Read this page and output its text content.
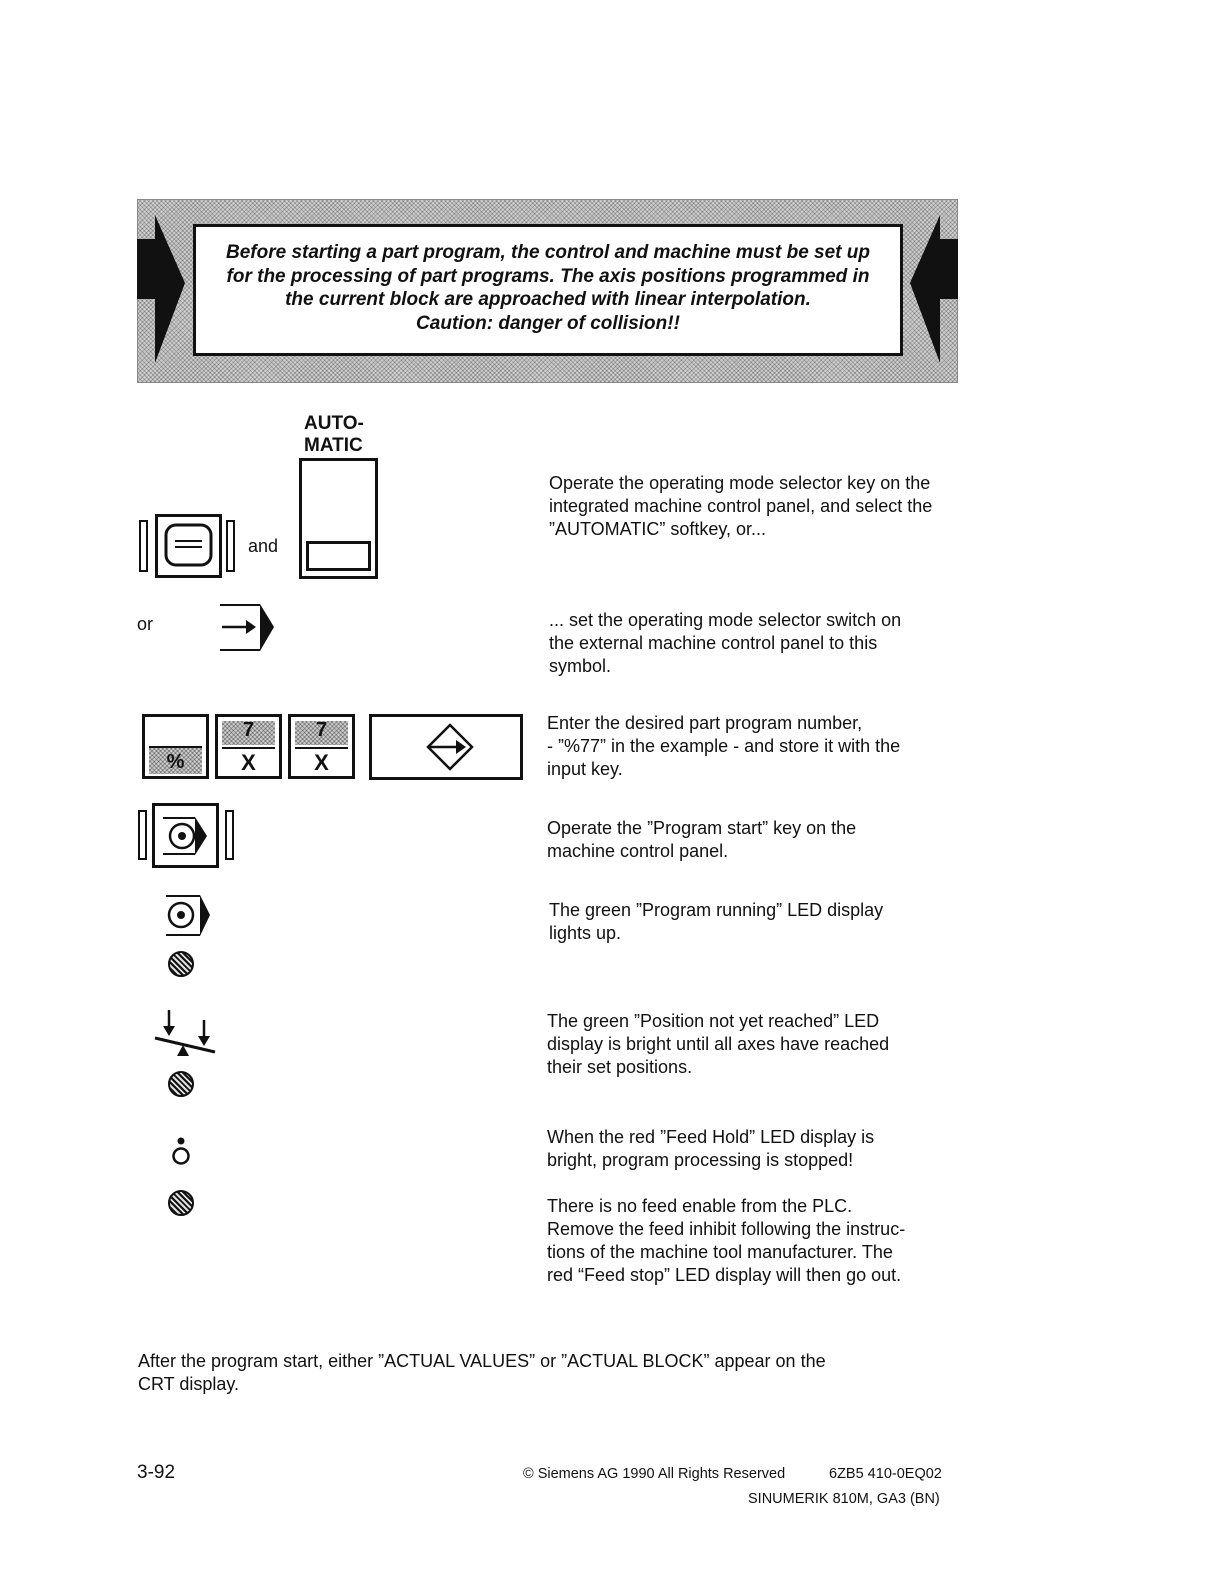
Before starting a part program, the control and machine must be set up
for the processing of part programs. The axis positions programmed in
the current block are approached with linear interpolation.
Caution: danger of collision!!
and
AUTO-
MATIC
Operate the operating mode selector key on the
integrated machine control panel, and select the
”AUTOMATIC” softkey, or...
or	... set the operating mode selector switch on
the external machine control panel to this
symbol.
%
7
X
7
X
Enter the desired part program number,
- ”%77” in the example - and store it with the
input key.
Operate the ”Program start” key on the
machine control panel.
The green ”Program running” LED display
lights up.
The green ”Position not yet reached” LED
display is bright until all axes have reached
their set positions.
When the red ”Feed Hold” LED display is
bright, program processing is stopped!
There is no feed enable from the PLC.
Remove the feed inhibit following the instruc-
tions of the machine tool manufacturer. The
red “Feed stop” LED display will then go out.
After the program start, either ”ACTUAL VALUES” or ”ACTUAL BLOCK” appear on the
CRT display.
3-92	© Siemens AG 1990 All Rights Reserved	6ZB5 410-0EQ02
SINUMERIK 810M, GA3 (BN)
